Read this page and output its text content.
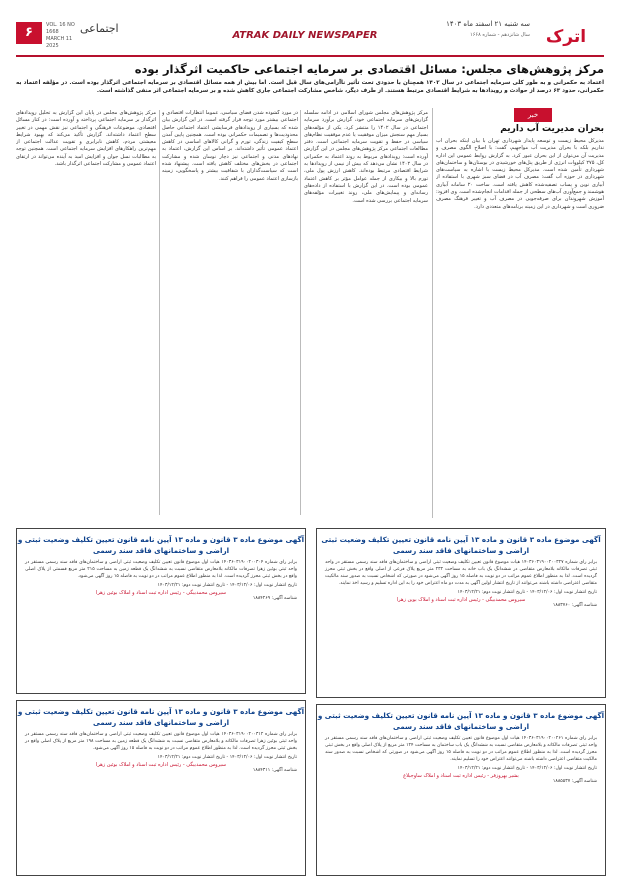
۶	VOL. 16 NO 1668
MARCH 11 2025
اجتماعی
ATRAK DAILY NEWSPAPER
سه شنبه ۲۱ اسفند ماه ۱۴۰۳
سال شانزدهم - شماره ۱۶۶۸ اترک
مرکز پژوهش‌های مجلس: مسائل اقتصادی بر سرمایه اجتماعی حاکمیت اثرگذار بوده
اعتماد به حکمرانی و به طور کلی سرمایه اجتماعی در سال ۱۴۰۲ همچنان با حدودی تحت تأثیر ناآرامی‌های سال قبل است. اما بیش از همه مسائل اقتصادی بر سرمایه اجتماعی اثرگذار بوده است. در مؤلفه اعتماد به حکمرانی، حدود ۶۳ درصد از حوادث و رویدادها به شرایط اقتصادی مرتبط هستند. از طرف دیگر، شاخص مشارکت اجتماعی جاری کاهش شده و بر سرمایه اجتماعی اثر منفی گذاشته است.
مرکز پژوهش‌های مجلس شورای اسلامی در ادامه سلسله گزارش‌های سرمایه اجتماعی خود، گزارش برآورد سرمایه اجتماعی در سال ۱۴۰۲ را منتشر کرد. یکی از مؤلفه‌های بسیار مهم سنجش میزان موفقیت یا عدم موفقیت نظام‌های سیاسی در حفظ و تقویت سرمایه اجتماعی است. دفتر مطالعات اجتماعی مرکز پژوهش‌های مجلس در این گزارش آورده است: رویدادهای مربوط به روند اعتماد به حکمرانی در سال ۱۴۰۲ نشان می‌دهد که بیش از نیمی از رویدادها به شرایط اقتصادی مرتبط بوده‌اند. کاهش ارزش پول ملی، تورم بالا و بیکاری از جمله عوامل مؤثر بر کاهش اعتماد عمومی بوده است. در این گزارش با استفاده از داده‌های رسانه‌ای و پیمایش‌های ملی، روند تغییرات مؤلفه‌های سرمایه اجتماعی بررسی شده است.
در مورد گشوده شدن فضای سیاسی، عموماً انتظارات اقتصادی و اجتماعی بیشتر مورد توجه قرار گرفته است. در این گزارش بیان شده که بسیاری از رویدادهای فرسایشی اعتماد اجتماعی حاصل محدودیت‌ها و تصمیمات حکمرانی بوده است. همچنین پایین آمدن سطح کیفیت زندگی، تورم و گرانی کالاهای اساسی در کاهش اعتماد عمومی تأثیر داشته‌اند. بر اساس این گزارش، اعتماد به نهادهای مدنی و اجتماعی نیز دچار نوسان شده و مشارکت اجتماعی در بخش‌های مختلف کاهش یافته است. پیشنهاد شده است که سیاست‌گذاران با شفافیت بیشتر و پاسخگویی، زمینه بازسازی اعتماد عمومی را فراهم کنند.
مرکز پژوهش‌های مجلس در پایان این گزارش به تحلیل رویدادهای اثرگذار بر سرمایه اجتماعی پرداخته و آورده است: در کنار مسائل اقتصادی، موضوعات فرهنگی و اجتماعی نیز نقش مهمی در تغییر سطح اعتماد داشته‌اند. گزارش تأکید می‌کند که بهبود شرایط معیشتی مردم، کاهش نابرابری و تقویت عدالت اجتماعی از مهم‌ترین راهکارهای افزایش سرمایه اجتماعی است. همچنین توجه به مطالبات نسل جوان و افزایش امید به آینده می‌تواند در ارتقای اعتماد عمومی و مشارکت اجتماعی اثرگذار باشد.
خبر
بحران مدیریت آب داریم
مدیرکل محیط زیست و توسعه پایدار شهرداری تهران با بیان اینکه بحران آب نداریم بلکه با بحران مدیریت آب مواجهیم، گفت: با اصلاح الگوی مصرف و مدیریت آن می‌توان از این بحران عبور کرد. به گزارش روابط عمومی این اداره کل، ۲۷۵ کیلووات انرژی از طریق پنل‌های خورشیدی در بوستان‌ها و ساختمان‌های شهرداری تأمین شده است. مدیرکل محیط زیست با اشاره به سیاست‌های شهرداری در حوزه آب گفت: مصرف آب در فضای سبز شهری با استفاده از آبیاری نوین و پساب تصفیه‌شده کاهش یافته است. ساخت ۲۰ سامانه آبیاری هوشمند و جمع‌آوری آب‌های سطحی از جمله اقدامات انجام‌شده است. وی افزود: آموزش شهروندان برای صرفه‌جویی در مصرف آب و تغییر فرهنگ مصرف ضروری است و شهرداری در این زمینه برنامه‌های متعددی دارد.
آگهی موضوع ماده ۳ قانون و ماده ۱۳ آیین نامه قانون تعیین تکلیف وضعیت ثبتی اراضی و ساختمانهای فاقد سند رسمی
برابر رای شماره ۱۴۰۳۶۰۳۱۹۰۰۲۰۰۳۲۷ هیات موضوع قانون تعیین تکلیف وضعیت ثبتی اراضی و ساختمان‌های فاقد سند رسمی مستقر در واحد ثبتی تصرفات مالکانه بلامعارض متقاضی در ششدانگ یک باب خانه به مساحت ۲۳۲ متر مربع پلاک فرعی از اصلی واقع در بخش ثبتی محرز گردیده است. لذا به منظور اطلاع عموم مراتب در دو نوبت به فاصله ۱۵ روز آگهی می‌شود در صورتی که اشخاص نسبت به صدور سند مالکیت متقاضی اعتراضی داشته باشند می‌توانند از تاریخ انتشار اولین آگهی به مدت دو ماه اعتراض خود را به این اداره تسلیم و رسید اخذ نمایند.
تاریخ انتشار نوبت اول: ۱۴۰۳/۱۲/۰۶ - تاریخ انتشار نوبت دوم: ۱۴۰۳/۱۲/۲۱
سیروس محمدبیگی - رئیس اداره ثبت اسناد و املاک بوین زهرا
شناسه آگهی: ۱۸۸۳۷۶۰
آگهی موضوع ماده ۳ قانون و ماده ۱۳ آیین نامه قانون تعیین تکلیف وضعیت ثبتی و اراضی و ساختمانهای فاقد سند رسمی
برابر رای شماره ۱۴۰۳۶۰۳۱۹۰۰۲۰۰۳۰۴ هیات اول موضوع قانون تعیین تکلیف وضعیت ثبتی اراضی و ساختمان‌های فاقد سند رسمی مستقر در واحد ثبتی بوئین زهرا تصرفات مالکانه بلامعارض متقاضی نسبت به ششدانگ یک قطعه زمین به مساحت ۲۱۵ متر مربع قسمتی از پلاک اصلی واقع در بخش ثبتی محرز گردیده است. لذا به منظور اطلاع عموم مراتب در دو نوبت به فاصله ۱۵ روز آگهی می‌شود.
تاریخ انتشار نوبت اول: ۱۴۰۳/۱۲/۰۶ - تاریخ انتشار نوبت دوم: ۱۴۰۳/۱۲/۲۱
سیروس محمدبیگی - رئیس اداره ثبت اسناد و املاک بوئین زهرا
شناسه آگهی: ۱۸۸۴۲۶۹
آگهی موضوع ماده ۳ قانون و ماده ۱۳ آیین نامه قانون تعیین تکلیف وضعیت ثبتی و اراضی و ساختمانهای فاقد سند رسمی
برابر رای شماره ۱۴۰۳۶۰۳۱۹۰۰۲۰۰۲۶۱ هیات اول موضوع قانون تعیین تکلیف وضعیت ثبتی اراضی و ساختمان‌های فاقد سند رسمی مستقر در واحد ثبتی تصرفات مالکانه و بلامعارض متقاضی نسبت به ششدانگ یک باب ساختمان به مساحت ۱۲۴ متر مربع از پلاک اصلی واقع در بخش ثبتی محرز گردیده است. لذا به منظور اطلاع عموم مراتب در دو نوبت به فاصله ۱۵ روز آگهی می‌شود در صورتی که اشخاص نسبت به صدور سند مالکیت متقاضی اعتراضی داشته باشند می‌توانند اعتراض خود را تسلیم نمایند.
تاریخ انتشار نوبت اول: ۱۴۰۳/۱۲/۰۶ - تاریخ انتشار نوبت دوم: ۱۴۰۳/۱۲/۲۱
بشیر بهروزفر - رئیس اداره ثبت اسناد و املاک ساوجبلاغ
شناسه آگهی: ۱۸۸۵۵۳۷
آگهی موضوع ماده ۳ قانون و ماده ۱۳ آیین نامه قانون تعیین تکلیف وضعیت ثبتی و اراضی و ساختمانهای فاقد سند رسمی
برابر رای شماره ۱۴۰۳۶۰۳۱۹۰۰۲۰۰۳۱۲ هیات اول موضوع قانون تعیین تکلیف وضعیت ثبتی اراضی و ساختمان‌های فاقد سند رسمی مستقر در واحد ثبتی بوئین زهرا تصرفات مالکانه و بلامعارض متقاضی نسبت به ششدانگ یک قطعه زمین به مساحت ۱۹۸ متر مربع از پلاک اصلی واقع در بخش ثبتی محرز گردیده است. لذا به منظور اطلاع عموم مراتب در دو نوبت به فاصله ۱۵ روز آگهی می‌شود.
تاریخ انتشار نوبت اول: ۱۴۰۳/۱۲/۰۶ - تاریخ انتشار نوبت دوم: ۱۴۰۳/۱۲/۲۱
سیروس محمدبیگی - رئیس اداره ثبت اسناد و املاک بوئین زهرا
شناسه آگهی: ۱۸۸۴۳۱۱
